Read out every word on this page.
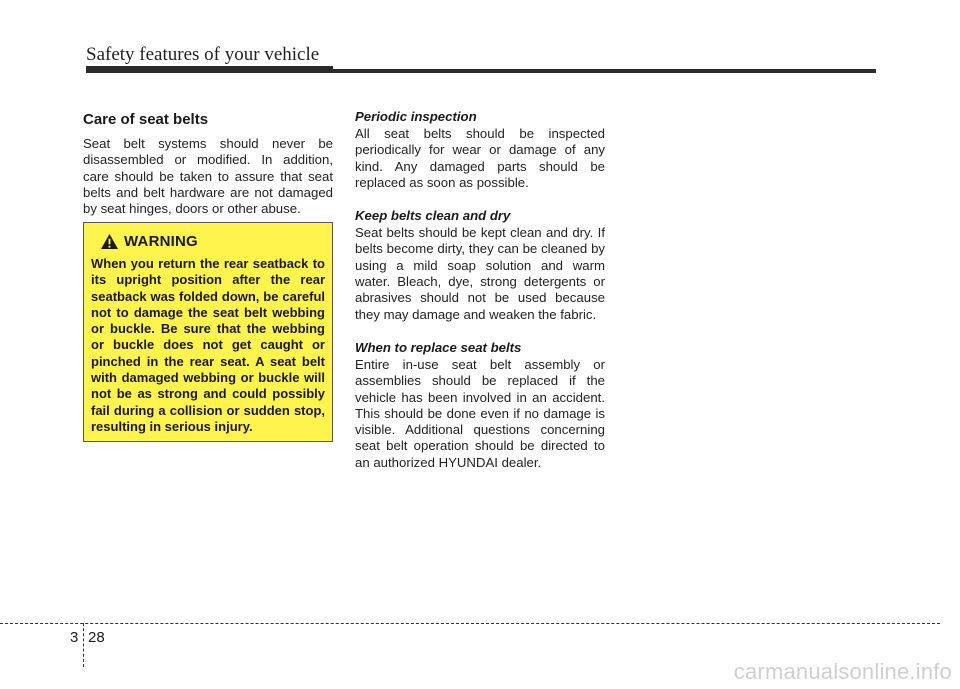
Safety features of your vehicle
Care of seat belts

Seat belt systems should never be disassembled or modified. In addition, care should be taken to assure that seat belts and belt hardware are not damaged by seat hinges, doors or other abuse.

WARNING

When you return the rear seatback to its upright position after the rear seatback was folded down, be careful not to damage the seat belt webbing or buckle. Be sure that the webbing or buckle does not get caught or pinched in the rear seat. A seat belt with damaged webbing or buckle will not be as strong and could possibly fail during a collision or sudden stop, resulting in serious injury.

Periodic inspection

All seat belts should be inspected periodically for wear or damage of any kind. Any damaged parts should be replaced as soon as possible.

Keep belts clean and dry

Seat belts should be kept clean and dry. If belts become dirty, they can be cleaned by using a mild soap solution and warm water. Bleach, dye, strong detergents or abrasives should not be used because they may damage and weaken the fabric.

When to replace seat belts

Entire in-use seat belt assembly or assemblies should be replaced if the vehicle has been involved in an accident. This should be done even if no damage is visible. Additional questions concerning seat belt operation should be directed to an authorized HYUNDAI dealer.

3 28
carmanualsonline.info
